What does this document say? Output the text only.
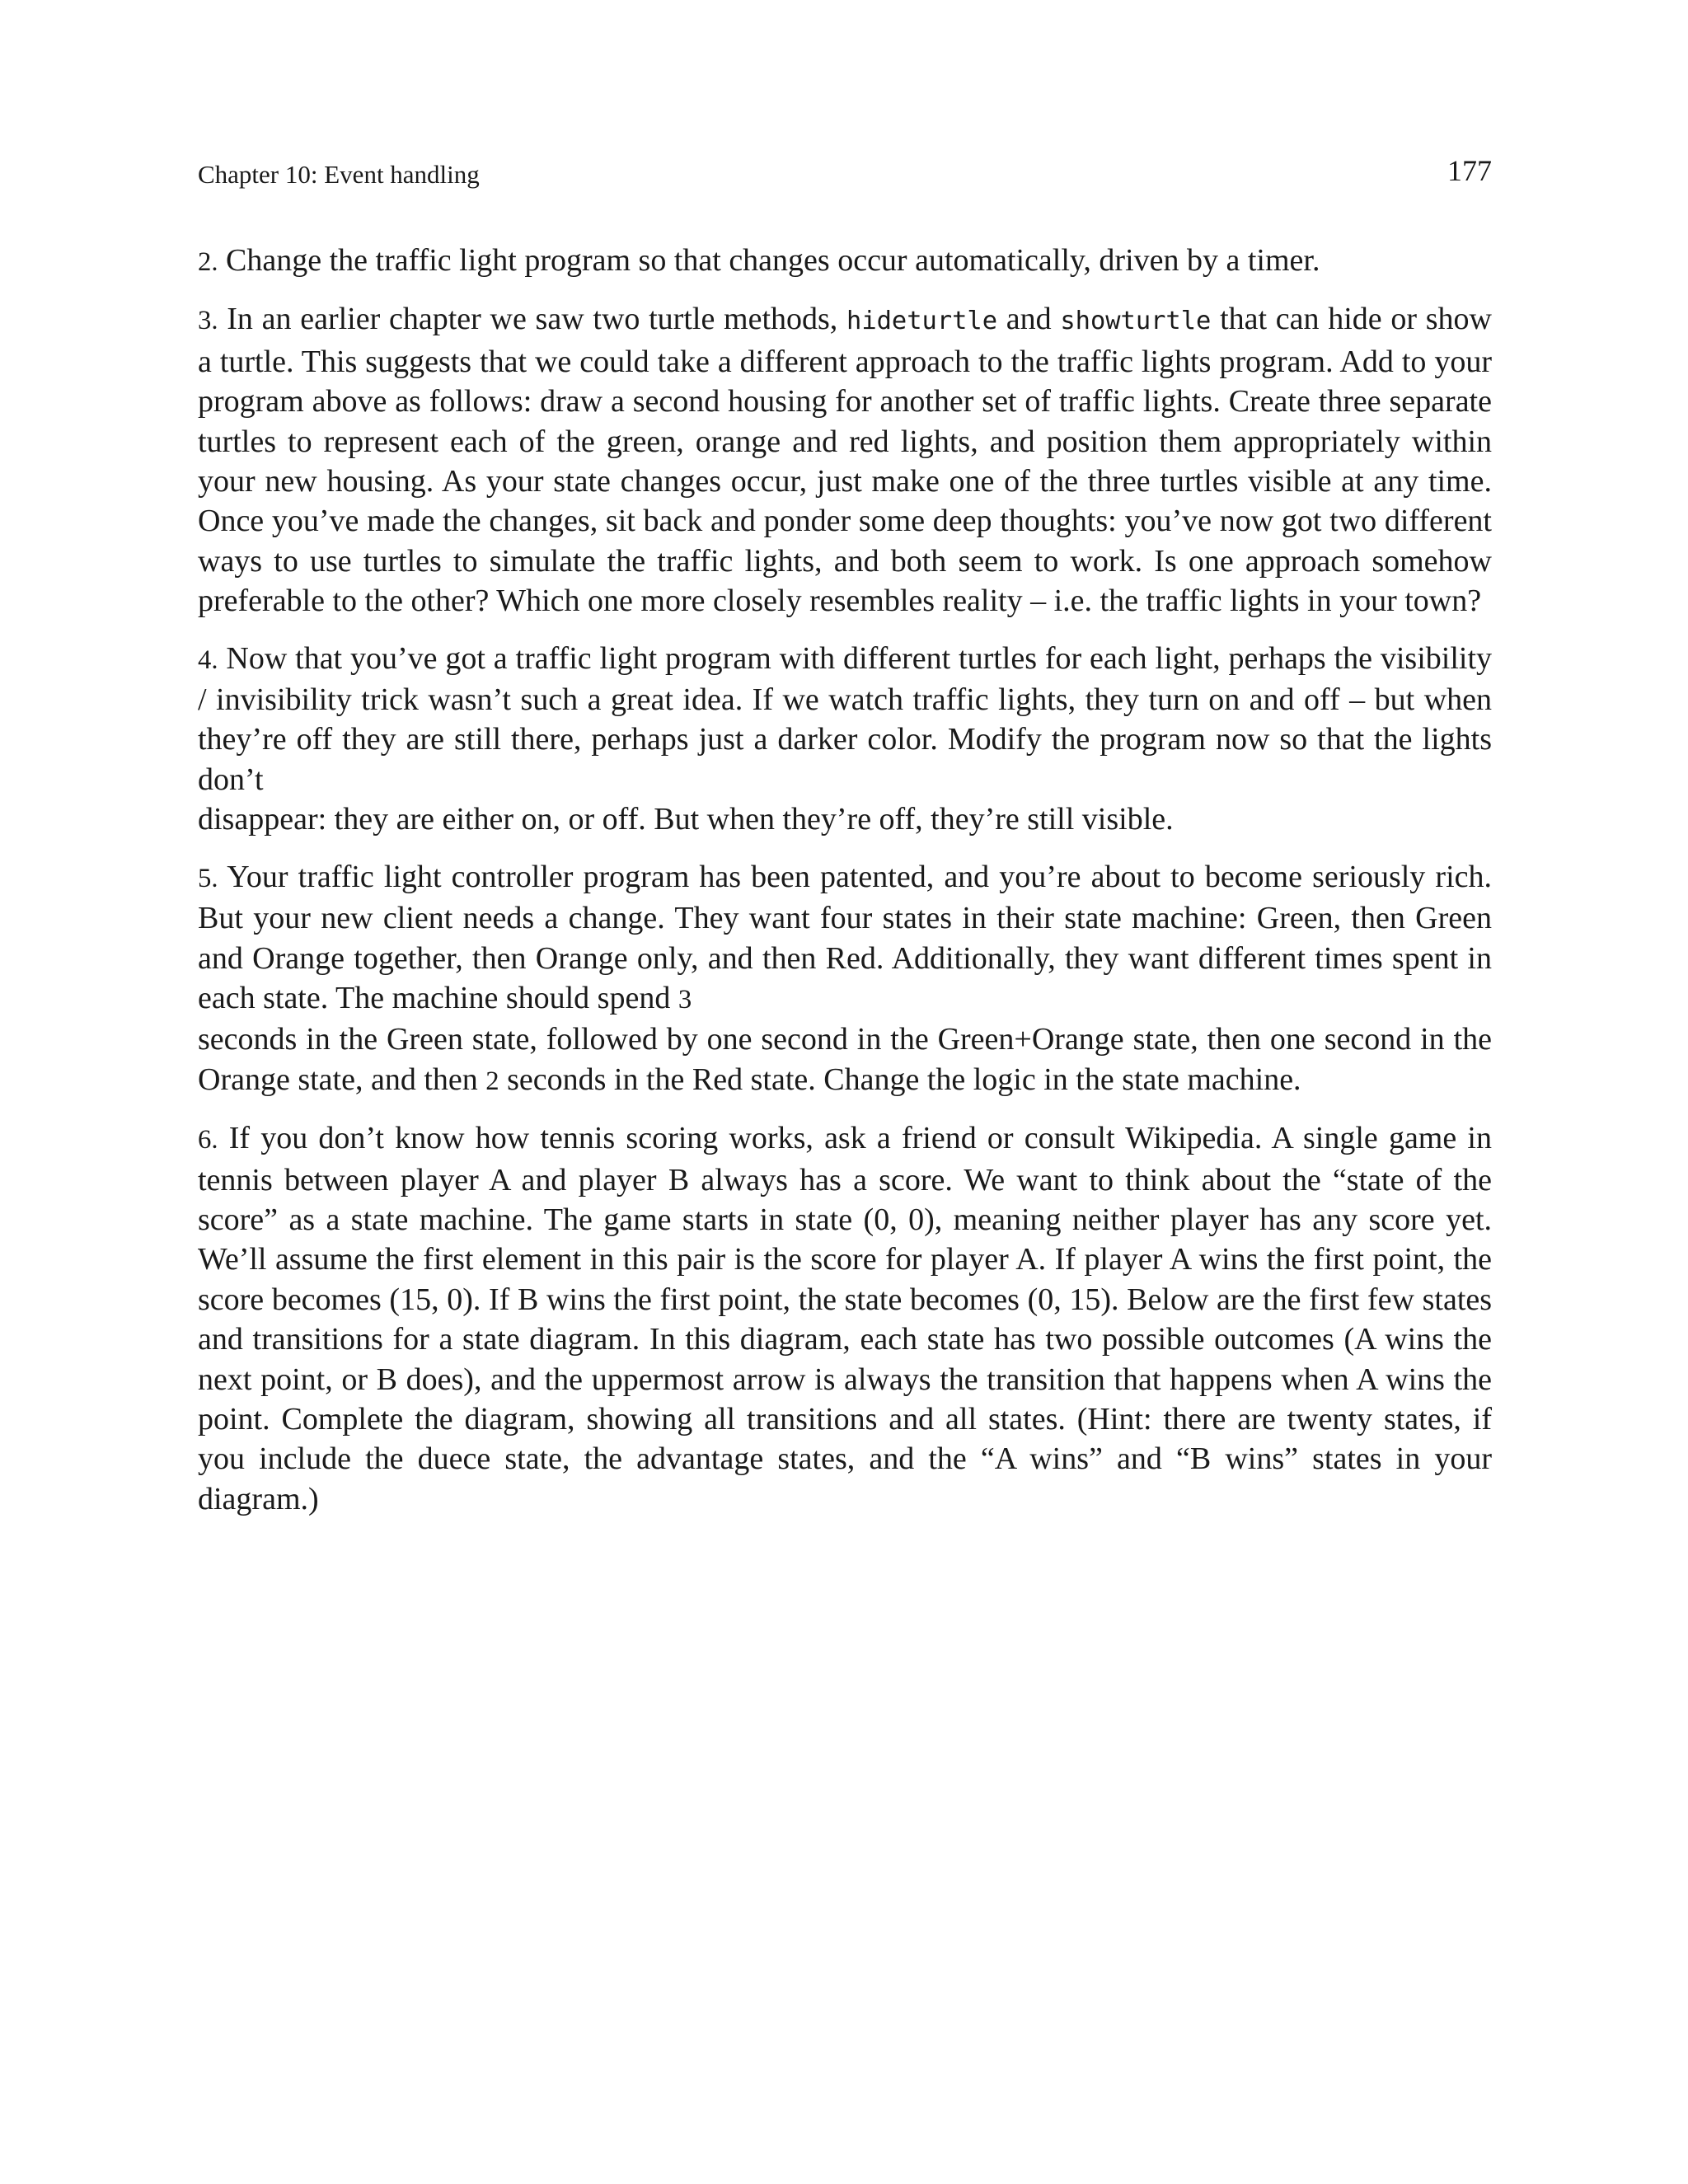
Chapter 10: Event handling	177

2. Change the traffic light program so that changes occur automatically, driven by a timer.

3. In an earlier chapter we saw two turtle methods, hideturtle and showturtle that can hide or show a turtle. This suggests that we could take a different approach to the traffic lights program. Add to your program above as follows: draw a second housing for another set of traffic lights. Create three separate turtles to represent each of the green, orange and red lights, and position them appropriately within your new housing. As your state changes occur, just make one of the three turtles visible at any time. Once you’ve made the changes, sit back and ponder some deep thoughts: you’ve now got two different ways to use turtles to simulate the traffic lights, and both seem to work. Is one approach somehow preferable to the other? Which one more closely resembles reality – i.e. the traffic lights in your town?

4. Now that you’ve got a traffic light program with different turtles for each light, perhaps the visibility / invisibility trick wasn’t such a great idea. If we watch traffic lights, they turn on and off – but when they’re off they are still there, perhaps just a darker color. Modify the program now so that the lights don’t
disappear: they are either on, or off. But when they’re off, they’re still visible.

5. Your traffic light controller program has been patented, and you’re about to become seriously rich. But your new client needs a change. They want four states in their state machine: Green, then Green and Orange together, then Orange only, and then Red. Additionally, they want different times spent in each state. The machine should spend 3
seconds in the Green state, followed by one second in the Green+Orange state, then one second in the Orange state, and then 2 seconds in the Red state. Change the logic in the state machine.

6. If you don’t know how tennis scoring works, ask a friend or consult Wikipedia. A single game in tennis between player A and player B always has a score. We want to think about the “state of the score” as a state machine. The game starts in state (0, 0), meaning neither player has any score yet. We’ll assume the first element in this pair is the score for player A. If player A wins the first point, the score becomes (15, 0). If B wins the first point, the state becomes (0, 15). Below are the first few states and transitions for a state diagram. In this diagram, each state has two possible outcomes (A wins the next point, or B does), and the uppermost arrow is always the transition that happens when A wins the point. Complete the diagram, showing all transitions and all states. (Hint: there are twenty states, if you include the duece state, the advantage states, and the “A wins” and “B wins” states in your diagram.)
